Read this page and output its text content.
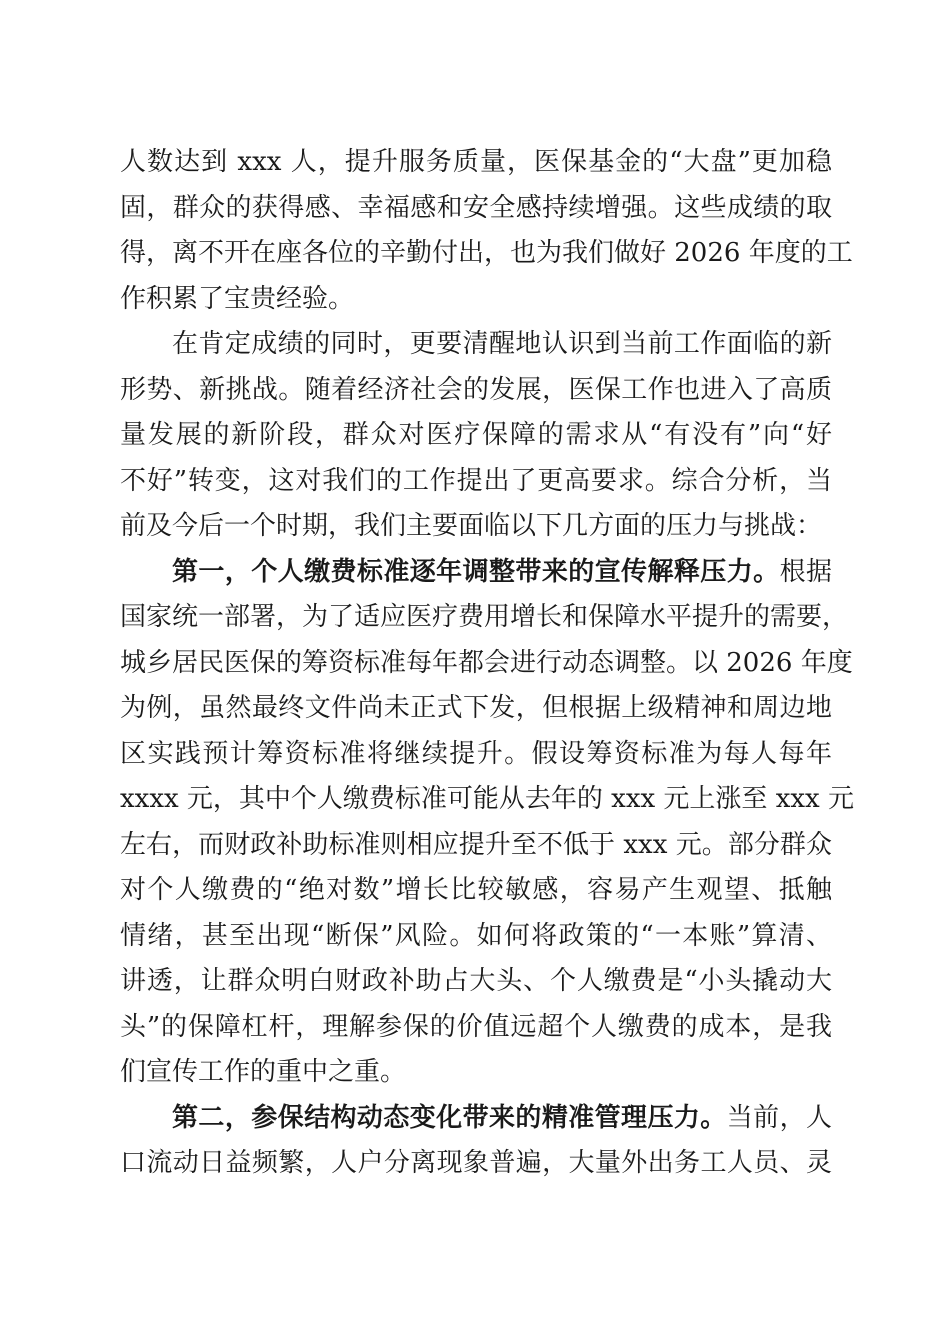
人数达到 xxx 人，提升服务质量，医保基金的“大盘”更加稳
固，群众的获得感、幸福感和安全感持续增强。这些成绩的取
得，离不开在座各位的辛勤付出，也为我们做好 2026 年度的工
作积累了宝贵经验。
在肯定成绩的同时，更要清醒地认识到当前工作面临的新
形势、新挑战。随着经济社会的发展，医保工作也进入了高质
量发展的新阶段，群众对医疗保障的需求从“有没有”向“好
不好”转变，这对我们的工作提出了更高要求。综合分析，当
前及今后一个时期，我们主要面临以下几方面的压力与挑战：
第一，个人缴费标准逐年调整带来的宣传解释压力。根据
国家统一部署，为了适应医疗费用增长和保障水平提升的需要，
城乡居民医保的筹资标准每年都会进行动态调整。以 2026 年度
为例，虽然最终文件尚未正式下发，但根据上级精神和周边地
区实践预计筹资标准将继续提升。假设筹资标准为每人每年
xxxx 元，其中个人缴费标准可能从去年的 xxx 元上涨至 xxx 元
左右，而财政补助标准则相应提升至不低于 xxx 元。部分群众
对个人缴费的“绝对数”增长比较敏感，容易产生观望、抵触
情绪，甚至出现“断保”风险。如何将政策的“一本账”算清、
讲透，让群众明白财政补助占大头、个人缴费是“小头撬动大
头”的保障杠杆，理解参保的价值远超个人缴费的成本，是我
们宣传工作的重中之重。
第二，参保结构动态变化带来的精准管理压力。当前，人
口流动日益频繁，人户分离现象普遍，大量外出务工人员、灵
